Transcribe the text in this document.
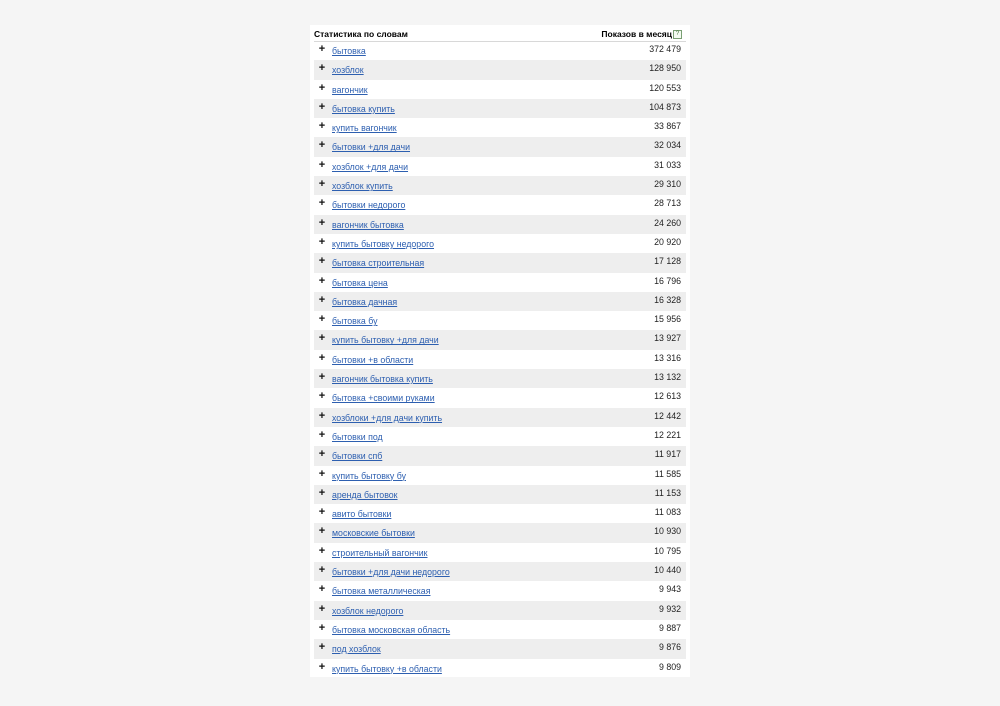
Статистика по словам	Показов в месяц ?
+ бытовка	372 479
+ хозблок	128 950
+ вагончик	120 553
+ бытовка купить	104 873
+ купить вагончик	33 867
+ бытовки +для дачи	32 034
+ хозблок +для дачи	31 033
+ хозблок купить	29 310
+ бытовки недорого	28 713
+ вагончик бытовка	24 260
+ купить бытовку недорого	20 920
+ бытовка строительная	17 128
+ бытовка цена	16 796
+ бытовка дачная	16 328
+ бытовка бу	15 956
+ купить бытовку +для дачи	13 927
+ бытовки +в области	13 316
+ вагончик бытовка купить	13 132
+ бытовка +своими руками	12 613
+ хозблоки +для дачи купить	12 442
+ бытовки под	12 221
+ бытовки спб	11 917
+ купить бытовку бу	11 585
+ аренда бытовок	11 153
+ авито бытовки	11 083
+ московские бытовки	10 930
+ строительный вагончик	10 795
+ бытовки +для дачи недорого	10 440
+ бытовка металлическая	9 943
+ хозблок недорого	9 932
+ бытовка московская область	9 887
+ под хозблок	9 876
+ купить бытовку +в области	9 809
